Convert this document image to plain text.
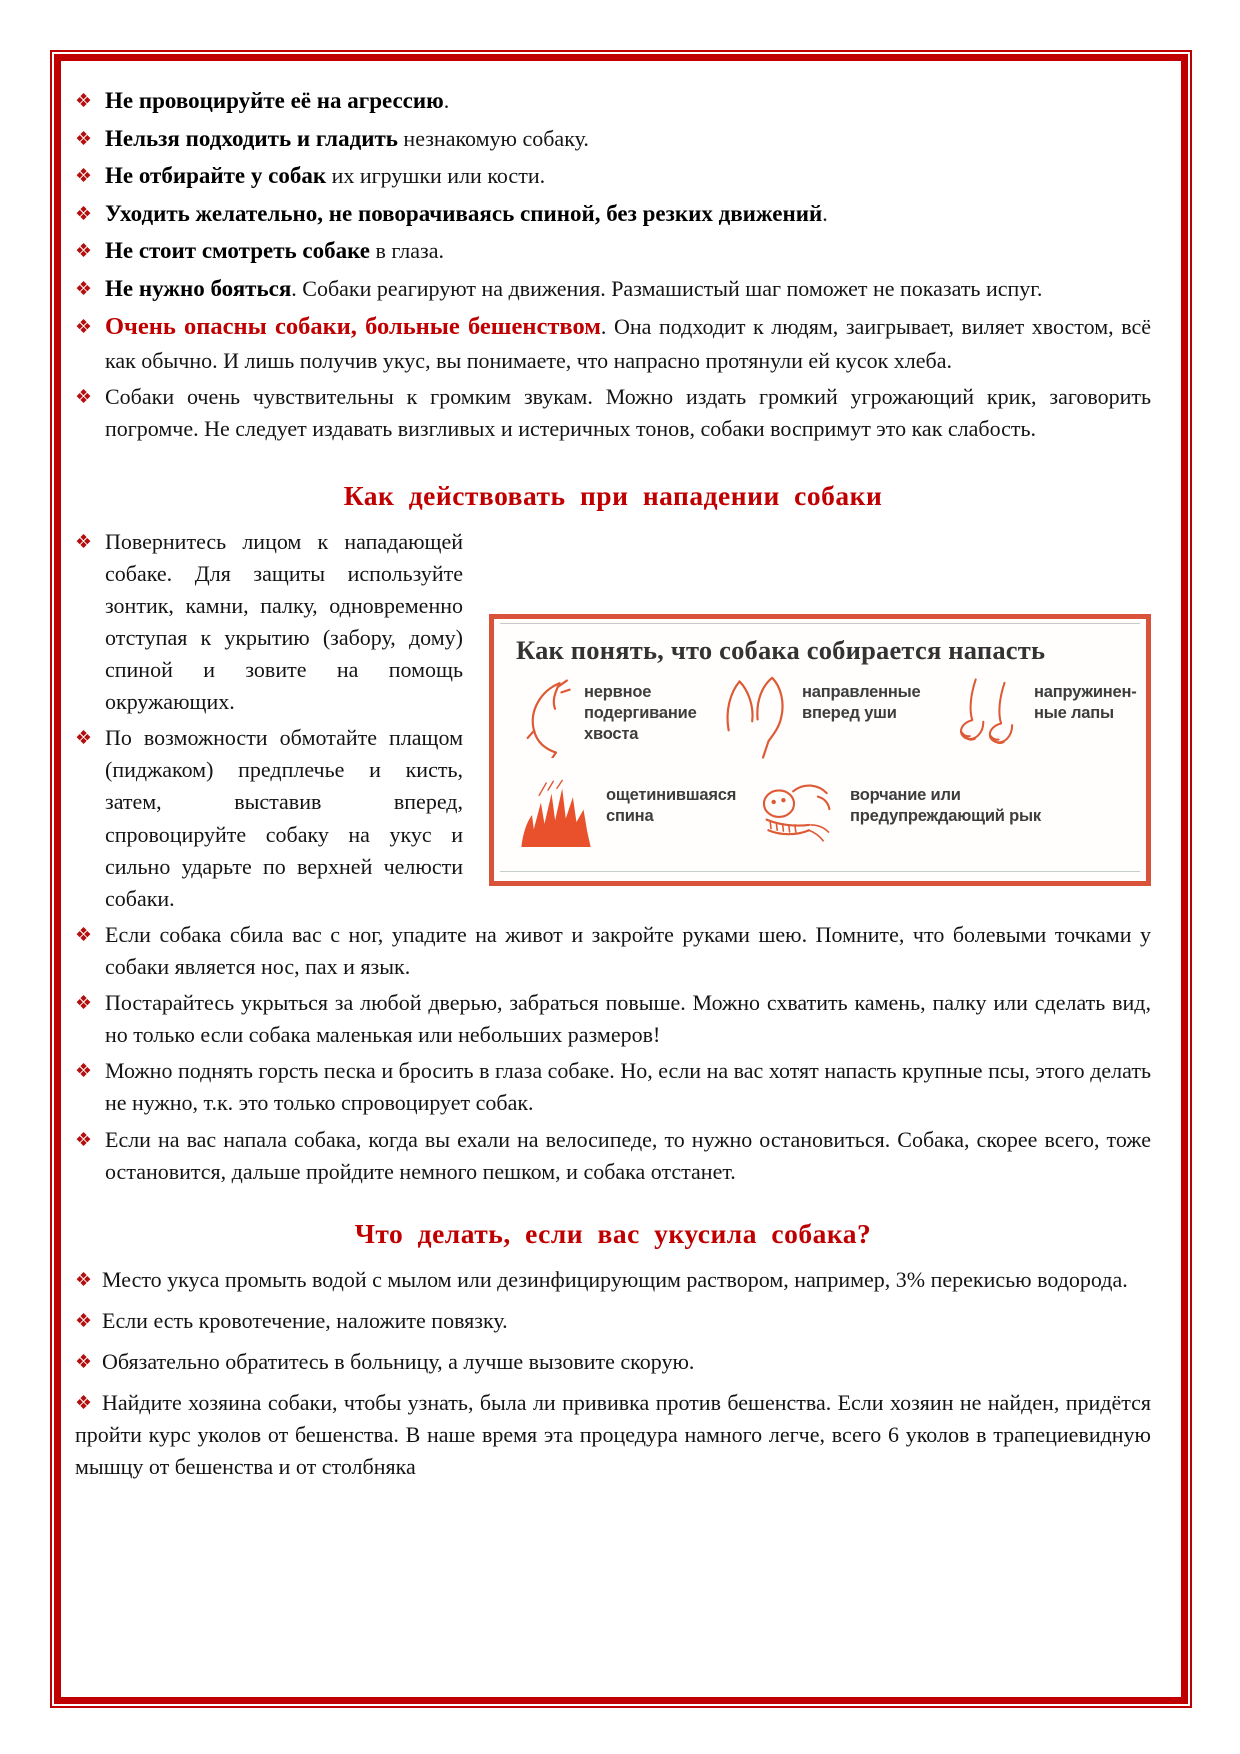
❖ Не провоцируйте её на агрессию.

❖ Нельзя подходить и гладить незнакомую собаку.

❖ Не отбирайте у собак их игрушки или кости.

❖ Уходить желательно, не поворачиваясь спиной, без резких движений.

❖ Не стоит смотреть собаке в глаза.

❖ Не нужно бояться. Собаки реагируют на движения. Размашистый шаг поможет не показать испуг.

❖ Очень опасны собаки, больные бешенством. Она подходит к людям, заигрывает, виляет хвостом, всё как обычно. И лишь получив укус, вы понимаете, что напрасно протянули ей кусок хлеба.

❖ Собаки очень чувствительны к громким звукам. Можно издать громкий угрожающий крик, заговорить погромче. Не следует издавать визгливых и истеричных тонов, собаки воспримут это как слабость.

Как действовать при нападении собаки
Как понять, что собака собирается напасть
нервное подергивание хвоста
направленные вперед уши
напружинен-ные лапы
ощетинившаяся спина
ворчание или предупреждающий рык

❖ Повернитесь лицом к нападающей собаке. Для защиты используйте зонтик, камни, палку, одновременно отступая к укрытию (забору, дому) спиной и зовите на помощь окружающих.

❖ По возможности обмотайте плащом (пиджаком) предплечье и кисть, затем, выставив вперед, спровоцируйте собаку на укус и сильно ударьте по верхней челюсти собаки.

❖ Если собака сбила вас с ног, упадите на живот и закройте руками шею. Помните, что болевыми точками у собаки является нос, пах и язык.

❖ Постарайтесь укрыться за любой дверью, забраться повыше. Можно схватить камень, палку или сделать вид, но только если собака маленькая или небольших размеров!

❖ Можно поднять горсть песка и бросить в глаза собаке. Но, если на вас хотят напасть крупные псы, этого делать не нужно, т.к. это только спровоцирует собак.

❖ Если на вас напала собака, когда вы ехали на велосипеде, то нужно остановиться. Собака, скорее всего, тоже остановится, дальше пройдите немного пешком, и собака отстанет.

Что делать, если вас укусила собака?

❖ Место укуса промыть водой с мылом или дезинфицирующим раствором, например, 3% перекисью водорода.

❖ Если есть кровотечение, наложите повязку.

❖ Обязательно обратитесь в больницу, а лучше вызовите скорую.

❖ Найдите хозяина собаки, чтобы узнать, была ли прививка против бешенства. Если хозяин не найден, придётся пройти курс уколов от бешенства. В наше время эта процедура намного легче, всего 6 уколов в трапециевидную мышцу от бешенства и от столбняка
